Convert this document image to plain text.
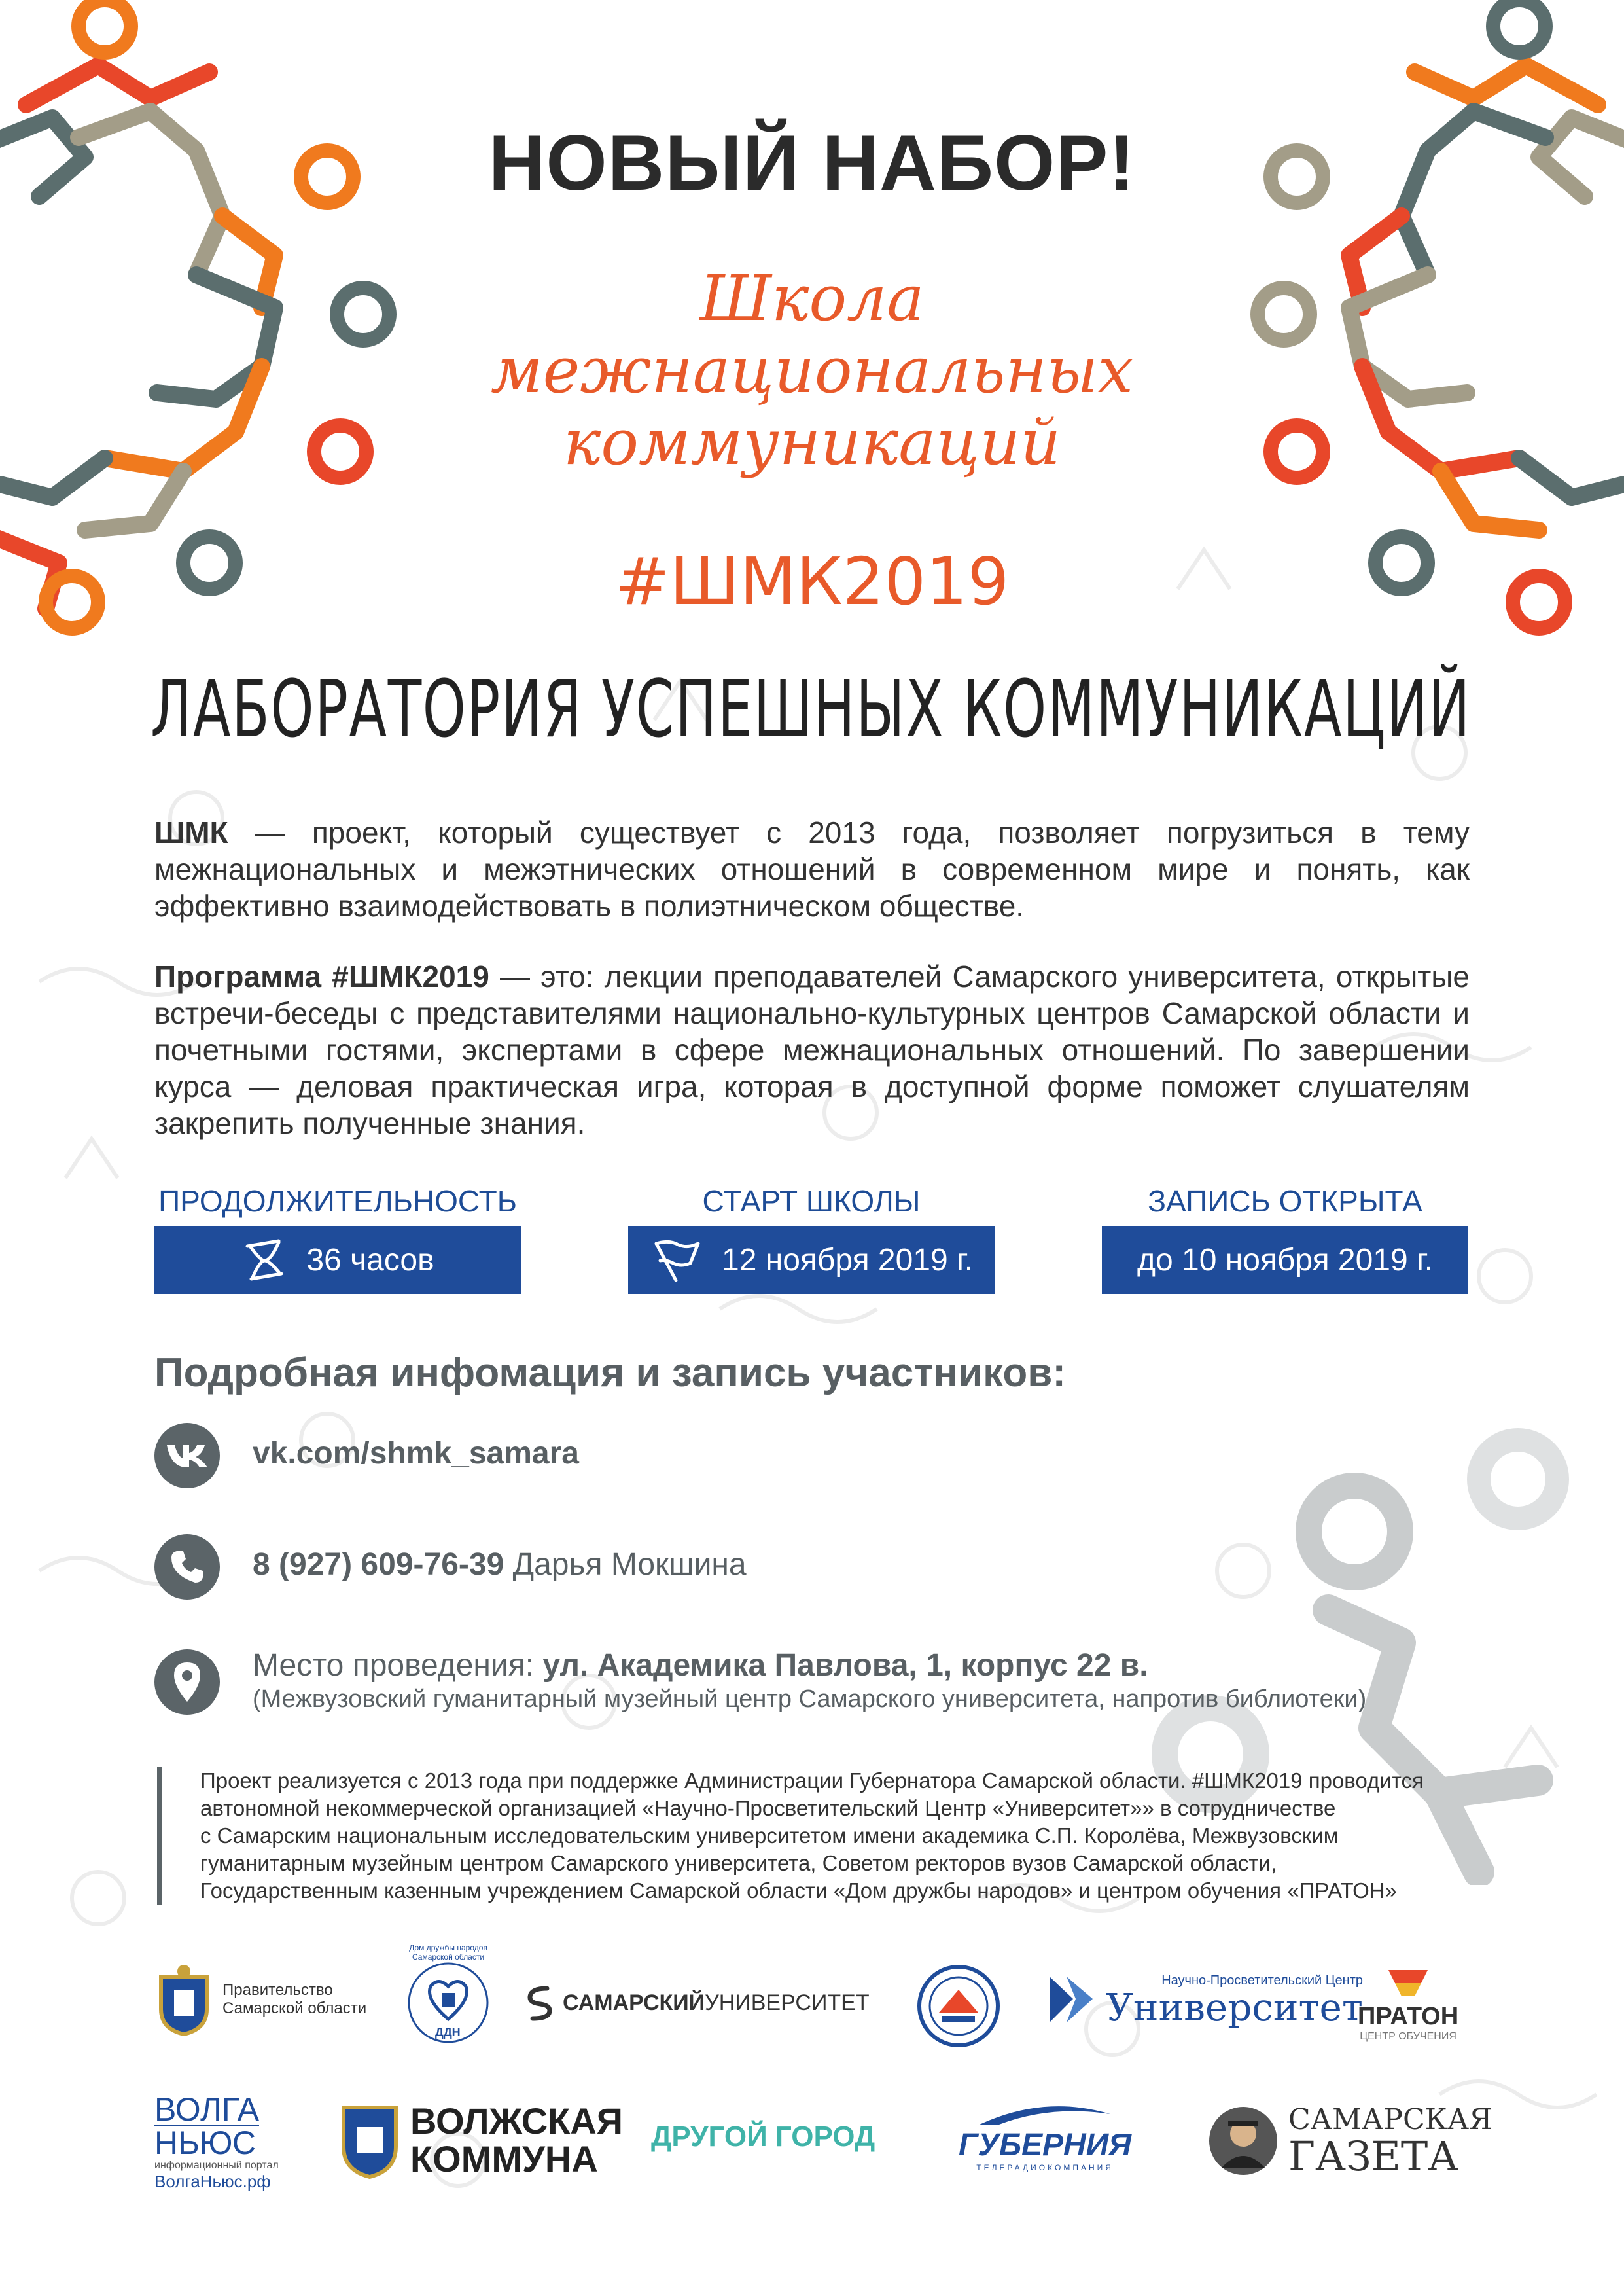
НОВЫЙ НАБОР!
Школа
межнациональных
коммуникаций
#ШМК2019
ЛАБОРАТОРИЯ УСПЕШНЫХ КОММУНИКАЦИЙ
ШМК — проект, который существует с 2013 года, позволяет погрузиться в тему межнациональных и межэтнических отношений в современном мире и понять, как эффективно взаимодействовать в полиэтническом обществе.
Программа #ШМК2019 — это: лекции преподавателей Самарского университета, открытые встречи-беседы с представителями национально-культурных центров Самарской области и почетными гостями, экспертами в сфере межнациональных отношений. По завершении курса — деловая практическая игра, которая в доступной форме поможет слушателям закрепить полученные знания.
ПРОДОЛЖИТЕЛЬНОСТЬ	СТАРТ ШКОЛЫ	ЗАПИСЬ ОТКРЫТА
36 часов	12 ноября 2019 г.	до 10 ноября 2019 г.
Подробная инфомация и запись участников:
vk.com/shmk_samara
8 (927) 609-76-39 Дарья Мокшина
Место проведения: ул. Академика Павлова, 1, корпус 22 в.
(Межвузовский гуманитарный музейный центр Самарского университета, напротив библиотеки)
Проект реализуется с 2013 года при поддержке Администрации Губернатора Самарской области. #ШМК2019 проводится
автономной некоммерческой организацией «Научно-Просветительский Центр «Университет»» в сотрудничестве
с Самарским национальным исследовательским университетом имени академика С.П. Королёва, Межвузовским
гуманитарным музейным центром Самарского университета, Советом ректоров вузов Самарской области,
Государственным казенным учреждением Самарской области «Дом дружбы народов» и центром обучения «ПРАТОН»
Правительство
Самарской области
ДДН
Дом дружбы народов Самарской области
САМАРСКИЙ УНИВЕРСИТЕТ
Научно-Просветительский Центр
Университет
ПРАТОН
ЦЕНТР ОБУЧЕНИЯ
ВОЛГА
НЬЮС
информационный портал
ВолгаНьюс.рф
ВОЛЖСКАЯ
КОММУНА
ДРУГОЙ ГОРОД	ГУБЕРНИЯ
ТЕЛЕРАДИОКОМПАНИЯ
САМАРСКАЯ
ГАЗЕТА
